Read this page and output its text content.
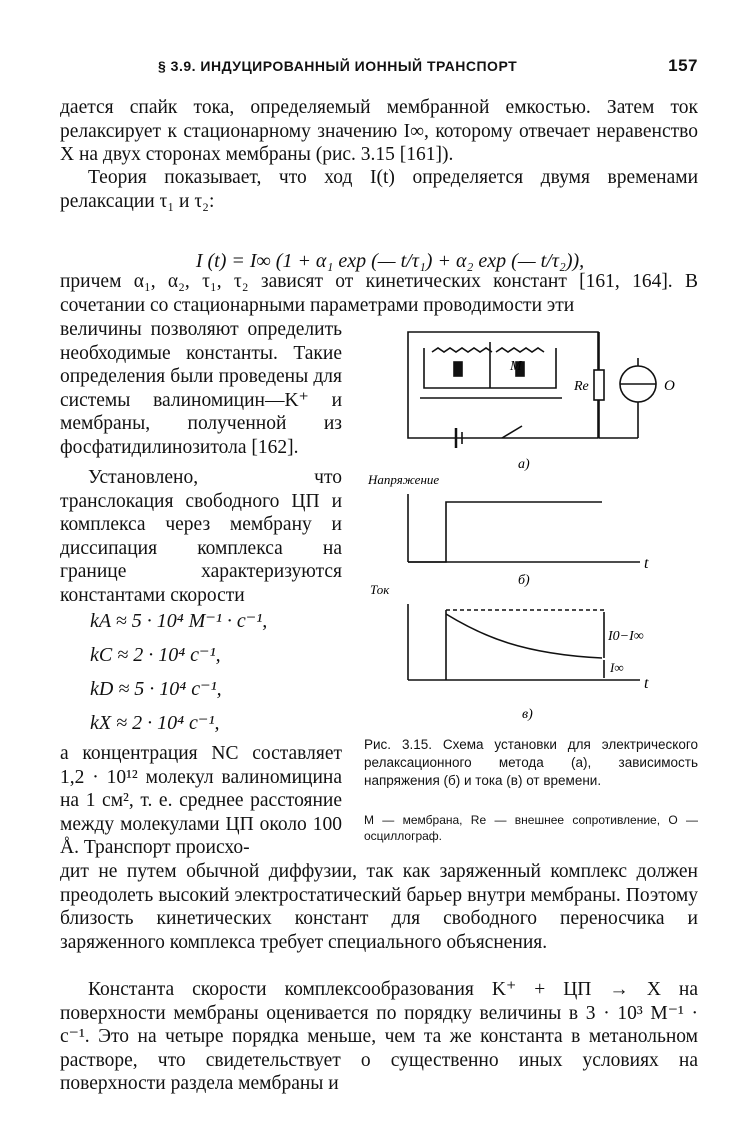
§ 3.9. ИНДУЦИРОВАННЫЙ ИОННЫЙ ТРАНСПОРТ	157

дается спайк тока, определяемый мембранной емкостью. Затем ток релаксирует к стационарному значению I∞, которому отвечает неравенство X на двух сторонах мембраны (рис. 3.15 [161]).

Теория показывает, что ход I(t) определяется двумя временами релаксации τ₁ и τ₂:

I (t) = I∞ (1 + α₁ exp (— t/τ₁) + α₂ exp (— t/τ₂)),

причем α₁, α₂, τ₁, τ₂ зависят от кинетических констант [161, 164]. В сочетании со стационарными параметрами проводимости эти

величины позволяют определить необходимые константы. Такие определения были проведены для системы валиномицин—K⁺ и мембраны, полученной из фосфатидилинозитола [162].

Установлено, что транслокация свободного ЦП и комплекса через мембрану и диссипация комплекса на границе характеризуются константами скорости

kA ≈ 5 · 10⁴ М⁻¹ · с⁻¹,
kC ≈ 2 · 10⁴ с⁻¹,
kD ≈ 5 · 10⁴ с⁻¹,
kX ≈ 2 · 10⁴ с⁻¹,

а концентрация NC составляет 1,2 · 10¹² молекул валиномицина на 1 см², т. е. среднее расстояние между молекулами ЦП около 100 Å. Транспорт происхо-

дит не путем обычной диффузии, так как заряженный комплекс должен преодолеть высокий электростатический барьер внутри мембраны. Поэтому близость кинетических констант для свободного переносчика и заряженного комплекса требует специального объяснения.

Константа скорости комплексообразования K⁺ + ЦП → X на поверхности мембраны оценивается по порядку величины в 3 · 10³ М⁻¹ · с⁻¹. Это на четыре порядка меньше, чем та же константа в метанольном растворе, что свидетельствует о существенно иных условиях на поверхности раздела мембраны и

M
Re	O
а)
Напряжение
t
б)
Ток
I0−I∞
I∞
t
в)

Рис. 3.15. Схема установки для электрического релаксационного метода (а), зависимость напряжения (б) и тока (в) от времени.

М — мембрана, Re — внешнее сопротивление, О — осциллограф.
